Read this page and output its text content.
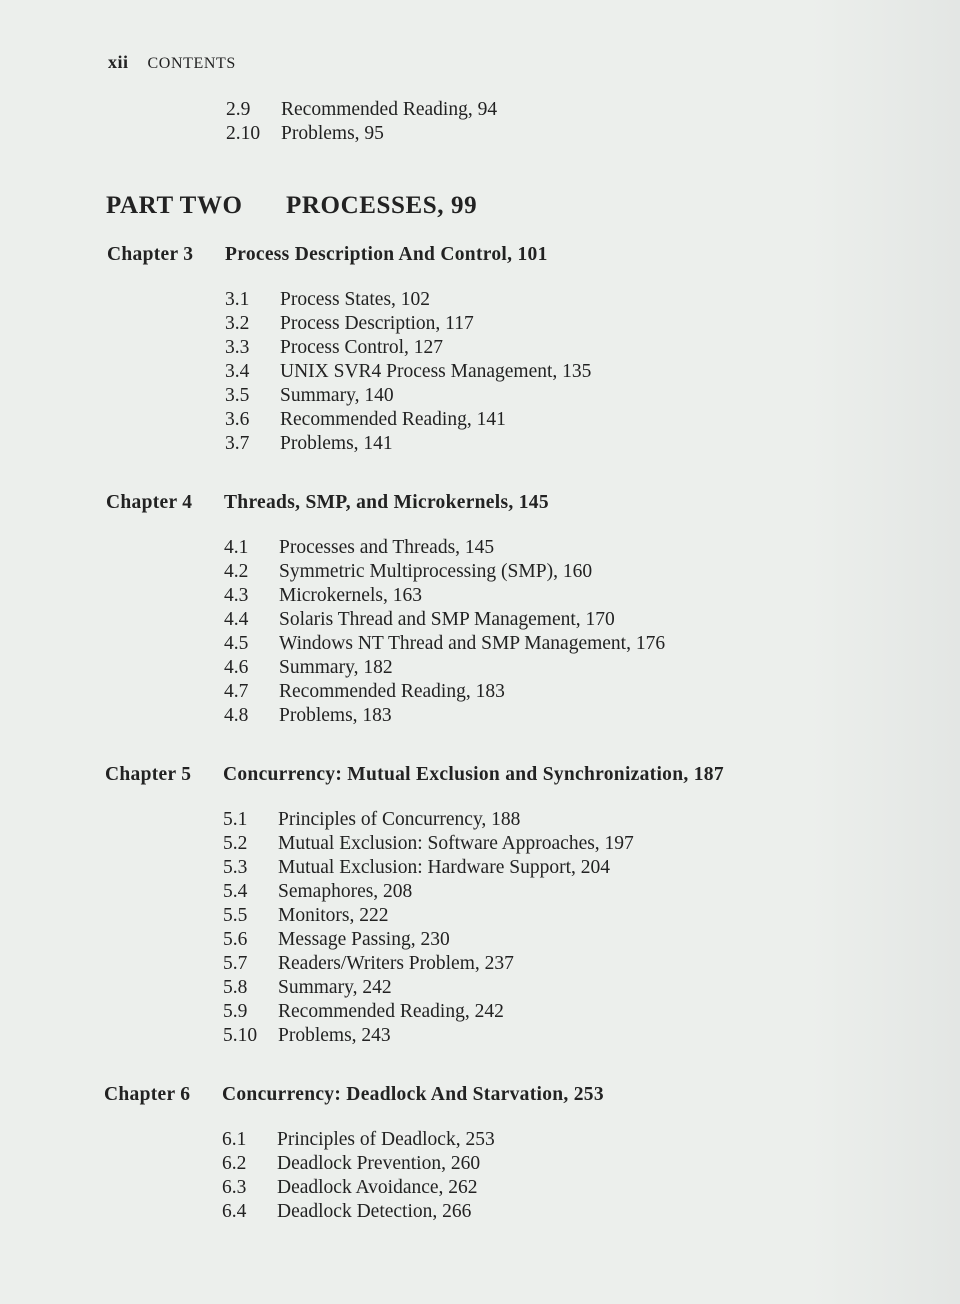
xii CONTENTS
2.9 Recommended Reading, 94
2.10 Problems, 95
PART TWO PROCESSES, 99
Chapter 3 Process Description And Control, 101
3.1 Process States, 102
3.2 Process Description, 117
3.3 Process Control, 127
3.4 UNIX SVR4 Process Management, 135
3.5 Summary, 140
3.6 Recommended Reading, 141
3.7 Problems, 141
Chapter 4 Threads, SMP, and Microkernels, 145
4.1 Processes and Threads, 145
4.2 Symmetric Multiprocessing (SMP), 160
4.3 Microkernels, 163
4.4 Solaris Thread and SMP Management, 170
4.5 Windows NT Thread and SMP Management, 176
4.6 Summary, 182
4.7 Recommended Reading, 183
4.8 Problems, 183
Chapter 5 Concurrency: Mutual Exclusion and Synchronization, 187
5.1 Principles of Concurrency, 188
5.2 Mutual Exclusion: Software Approaches, 197
5.3 Mutual Exclusion: Hardware Support, 204
5.4 Semaphores, 208
5.5 Monitors, 222
5.6 Message Passing, 230
5.7 Readers/Writers Problem, 237
5.8 Summary, 242
5.9 Recommended Reading, 242
5.10 Problems, 243
Chapter 6 Concurrency: Deadlock And Starvation, 253
6.1 Principles of Deadlock, 253
6.2 Deadlock Prevention, 260
6.3 Deadlock Avoidance, 262
6.4 Deadlock Detection, 266
